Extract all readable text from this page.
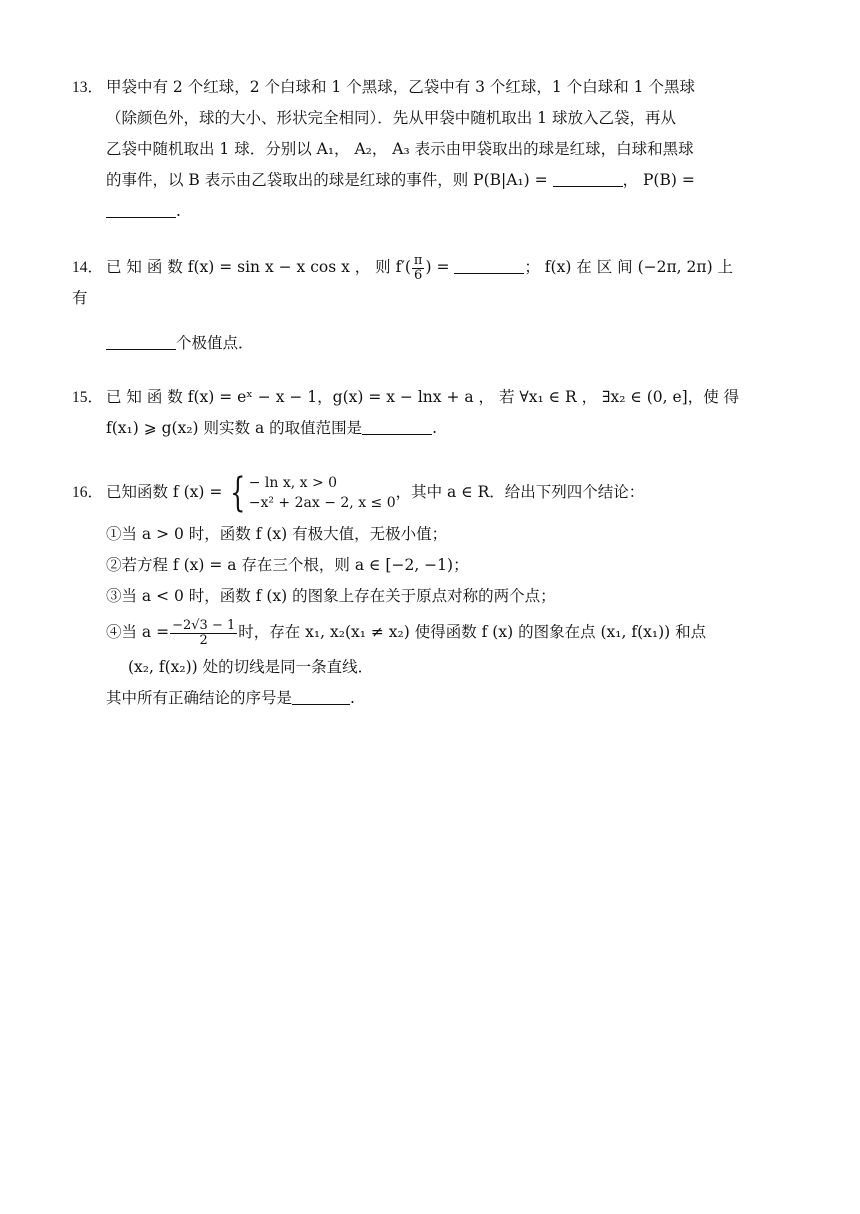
13． 甲袋中有 2 个红球，2 个白球和 1 个黑球，乙袋中有 3 个红球，1 个白球和 1 个黑球
（除颜色外，球的大小、形状完全相同）．先从甲袋中随机取出 1 球放入乙袋，再从
乙袋中随机取出 1 球．分别以 A₁， A₂， A₃ 表示由甲袋取出的球是红球，白球和黑球
的事件，以 B 表示由乙袋取出的球是红球的事件，则 P(B|A₁) =	， P(B) =
.
14． 已 知 函 数 f(x) = sin x − x cos x ， 则 $f'( \frac{\pi}{6}$ ) =	； f(x) 在 区 间 (−2π, 2π) 上 有
个极值点．
15． 已 知 函 数 f(x) = eˣ − x − 1，g(x) = x − lnx + a ， 若 ∀x₁ ∈ R ， ∃x₂ ∈ (0, e]，使 得
f(x₁) ⩾ g(x₂) 则实数 a 的取值范围是	.
16． 已知函数 f (x) = { − ln x, x > 0
−x² + 2ax − 2, x ≤ 0
，其中 a ∈ R．给出下列四个结论：
①当 a > 0 时，函数 f (x) 有极大值，无极小值；
②若方程 f (x) = a 存在三个根，则 a ∈ [−2, −1)；
③当 a < 0 时，函数 f (x) 的图象上存在关于原点对称的两个点；
④当 $a = \frac{-2√3 - 1}{2}$ 时，存在 x₁, x₂(x₁ ≠ x₂) 使得函数 f (x) 的图象在点 (x₁, f(x₁)) 和点
(x₂, f(x₂)) 处的切线是同一条直线．
其中所有正确结论的序号是	.
